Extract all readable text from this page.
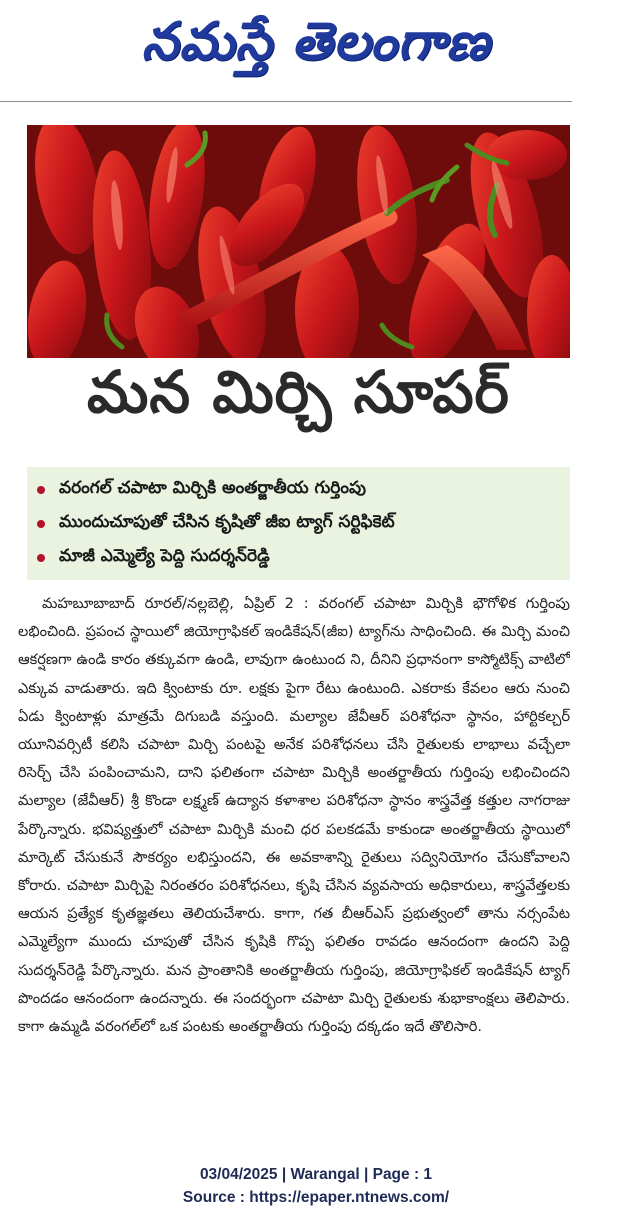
నమస్తే తెలంగాణ
మన మిర్చి సూపర్
వరంగల్ చపాటా మిర్చికి అంతర్జాతీయ గుర్తింపు
ముందుచూపుతో చేసిన కృషితో జీఐ ట్యాగ్ సర్టిఫికెట్
మాజీ ఎమ్మెల్యే పెద్ది సుదర్శన్‌రెడ్డి
మహబూబాబాద్ రూరల్/నల్లబెల్లి, ఏప్రిల్ 2 : వరంగల్ చపాటా మిర్చికి భౌగోళిక గుర్తింపు లభించింది. ప్రపంచ స్థాయిలో జియోగ్రాఫికల్ ఇండికేషన్(జీఐ) ట్యాగ్‌ను సాధించింది. ఈ మిర్చి మంచి ఆకర్షణగా ఉండి కారం తక్కువగా ఉండి, లావుగా ఉంటుంద ని, దీనిని ప్రధానంగా కాస్మోటిక్స్ వాటిలో ఎక్కువ వాడుతారు. ఇది క్వింటాకు రూ. లక్షకు పైగా రేటు ఉంటుంది. ఎకరాకు కేవలం ఆరు నుంచి ఏడు క్వింటాళ్లు మాత్రమే దిగుబడి వస్తుంది. మల్యాల జేవీఆర్ పరిశోధనా స్థానం, హార్టికల్చర్ యూనివర్సిటీ కలిసి చపాటా మిర్చి పంటపై అనేక పరిశోధనలు చేసి రైతులకు లాభాలు వచ్చేలా రిసెర్చ్ చేసి పంపించామని, దాని ఫలితంగా చపాటా మిర్చికి అంతర్జాతీయ గుర్తింపు లభించిందని మల్యాల (జేవీఆర్) శ్రీ కొండా లక్ష్మణ్ ఉద్యాన కళాశాల పరిశోధనా స్థానం శాస్త్రవేత్త కత్తుల నాగరాజు పేర్కొన్నారు. భవిష్యత్తులో చపాటా మిర్చికి మంచి ధర పలకడమే కాకుండా అంతర్జాతీయ స్థాయిలో మార్కెట్ చేసుకునే సౌకర్యం లభిస్తుందని, ఈ అవకాశాన్ని రైతులు సద్వినియోగం చేసుకోవాలని కోరారు. చపాటా మిర్చిపై నిరంతరం పరిశోధనలు, కృషి చేసిన వ్యవసాయ అధికారులు, శాస్త్రవేత్తలకు ఆయన ప్రత్యేక కృతజ్ఞతలు తెలియచేశారు. కాగా, గత బీఆర్ఎస్ ప్రభుత్వంలో తాను నర్సంపేట ఎమ్మెల్యేగా ముందు చూపుతో చేసిన కృషికి గొప్ప ఫలితం రావడం ఆనందంగా ఉందని పెద్ది సుదర్శన్‌రెడ్డి పేర్కొన్నారు. మన ప్రాంతానికి అంతర్జాతీయ గుర్తింపు, జియోగ్రాఫికల్ ఇండికేషన్ ట్యాగ్ పొందడం ఆనందంగా ఉందన్నారు. ఈ సందర్భంగా చపాటా మిర్చి రైతులకు శుభాకాంక్షలు తెలిపారు. కాగా ఉమ్మడి వరంగల్‌లో ఒక పంటకు అంతర్జాతీయ గుర్తింపు దక్కడం ఇదే తొలిసారి.
03/04/2025 | Warangal | Page : 1
Source : https://epaper.ntnews.com/
